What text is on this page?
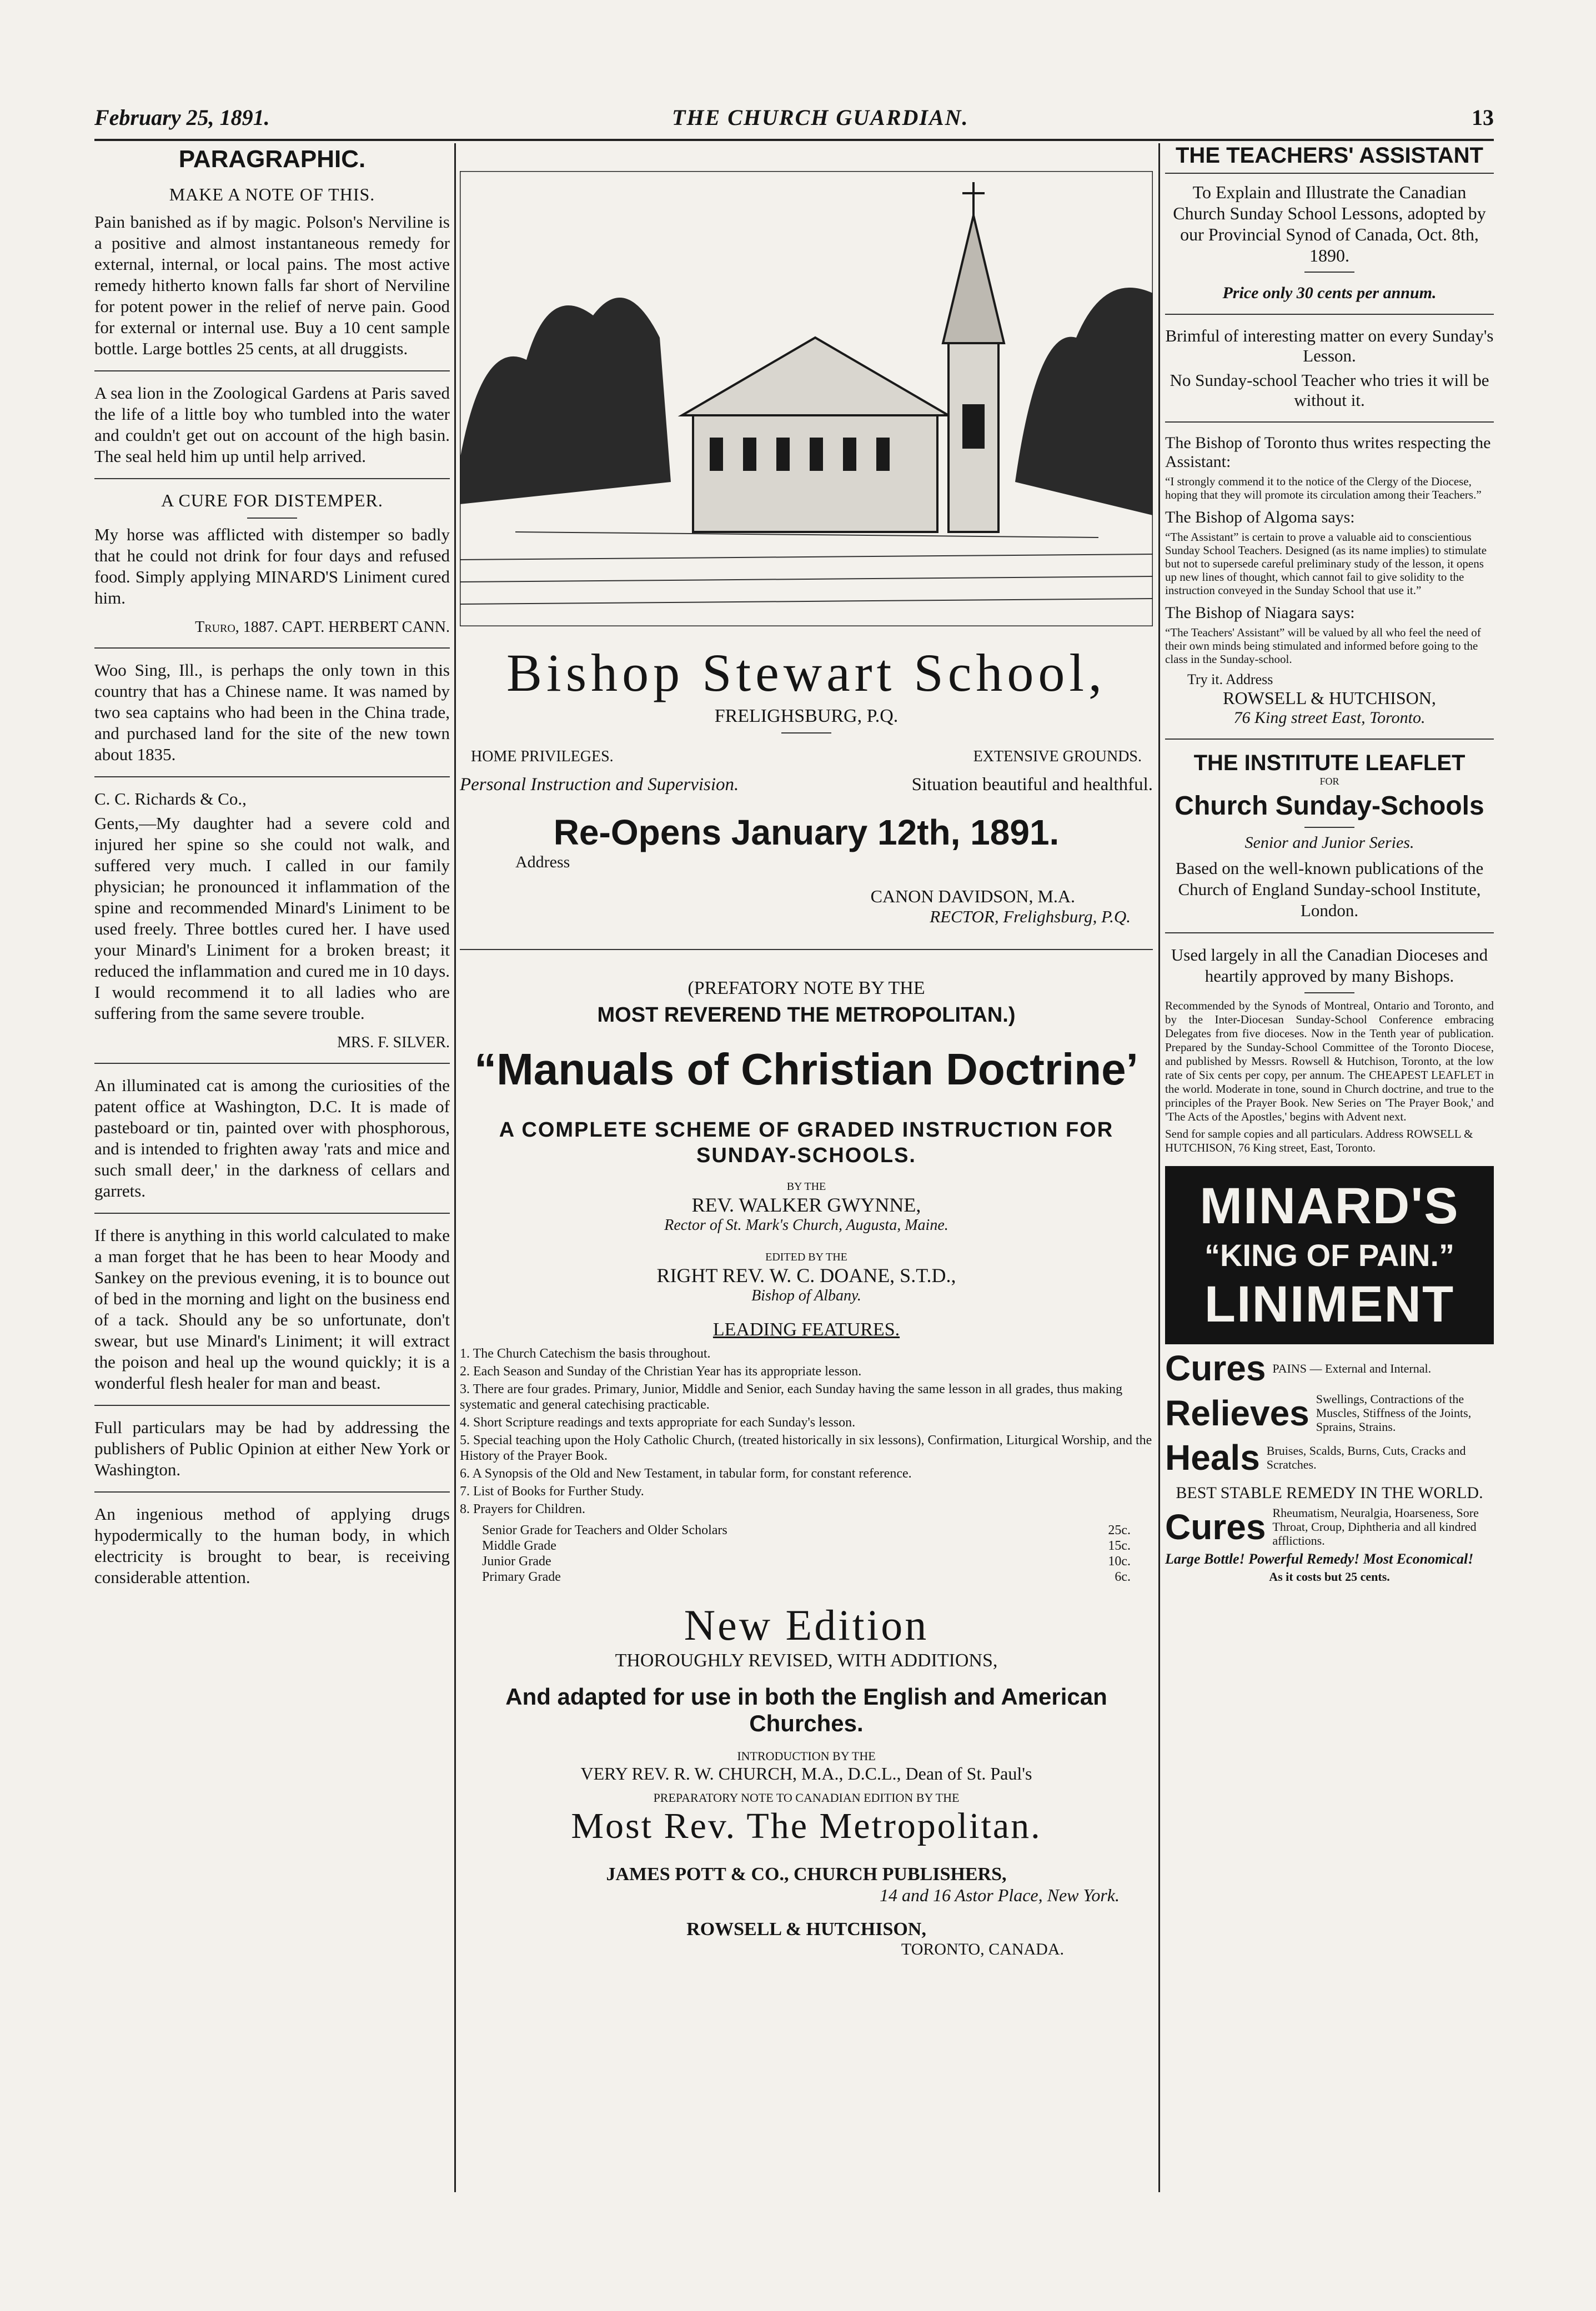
February 25, 1891.	THE CHURCH GUARDIAN.	13
PARAGRAPHIC.
MAKE A NOTE OF THIS.

Pain banished as if by magic. Polson's Nerviline is a positive and almost instantaneous remedy for external, internal, or local pains. The most active remedy hitherto known falls far short of Nerviline for potent power in the relief of nerve pain. Good for external or internal use. Buy a 10 cent sample bottle. Large bottles 25 cents, at all druggists.

A sea lion in the Zoological Gardens at Paris saved the life of a little boy who tumbled into the water and couldn't get out on account of the high basin. The seal held him up until help arrived.

A CURE FOR DISTEMPER.

My horse was afflicted with distemper so badly that he could not drink for four days and refused food. Simply applying MINARD'S Liniment cured him.

Truro, 1887. CAPT. HERBERT CANN.

Woo Sing, Ill., is perhaps the only town in this country that has a Chinese name. It was named by two sea captains who had been in the China trade, and purchased land for the site of the new town about 1835.

C. C. Richards & Co.,

Gents,—My daughter had a severe cold and injured her spine so she could not walk, and suffered very much. I called in our family physician; he pronounced it inflammation of the spine and recommended Minard's Liniment to be used freely. Three bottles cured her. I have used your Minard's Liniment for a broken breast; it reduced the inflammation and cured me in 10 days. I would recommend it to all ladies who are suffering from the same severe trouble.

MRS. F. SILVER.

An illuminated cat is among the curiosities of the patent office at Washington, D.C. It is made of pasteboard or tin, painted over with phosphorous, and is intended to frighten away 'rats and mice and such small deer,' in the darkness of cellars and garrets.

If there is anything in this world calculated to make a man forget that he has been to hear Moody and Sankey on the previous evening, it is to bounce out of bed in the morning and light on the business end of a tack. Should any be so unfortunate, don't swear, but use Minard's Liniment; it will extract the poison and heal up the wound quickly; it is a wonderful flesh healer for man and beast.

Full particulars may be had by addressing the publishers of Public Opinion at either New York or Washington.

An ingenious method of applying drugs hypodermically to the human body, in which electricity is brought to bear, is receiving considerable attention.

Bishop Stewart School,
FRELIGHSBURG, P.Q.
HOME PRIVILEGES.	EXTENSIVE GROUNDS.
Personal Instruction and Supervision.	Situation beautiful and healthful.
Re-Opens January 12th, 1891.
Address
CANON DAVIDSON, M.A.
RECTOR, Frelighsburg, P.Q.
(PREFATORY NOTE BY THE
MOST REVEREND THE METROPOLITAN.)
“Manuals of Christian Doctrine’
A COMPLETE SCHEME OF GRADED INSTRUCTION FOR SUNDAY-SCHOOLS.
BY THE
REV. WALKER GWYNNE,
Rector of St. Mark's Church, Augusta, Maine.
EDITED BY THE
RIGHT REV. W. C. DOANE, S.T.D.,
Bishop of Albany.
LEADING FEATURES.
1. The Church Catechism the basis throughout.
2. Each Season and Sunday of the Christian Year has its appropriate lesson.
3. There are four grades. Primary, Junior, Middle and Senior, each Sunday having the same lesson in all grades, thus making systematic and general catechising practicable.
4. Short Scripture readings and texts appropriate for each Sunday's lesson.
5. Special teaching upon the Holy Catholic Church, (treated historically in six lessons), Confirmation, Liturgical Worship, and the History of the Prayer Book.
6. A Synopsis of the Old and New Testament, in tabular form, for constant reference.
7. List of Books for Further Study.
8. Prayers for Children.
Senior Grade for Teachers and Older Scholars	25c.
Middle Grade	15c.
Junior Grade	10c.
Primary Grade	6c.
New Edition
THOROUGHLY REVISED, WITH ADDITIONS,
And adapted for use in both the English and American Churches.
INTRODUCTION BY THE
VERY REV. R. W. CHURCH, M.A., D.C.L., Dean of St. Paul's
PREPARATORY NOTE TO CANADIAN EDITION BY THE
Most Rev. The Metropolitan.
JAMES POTT & CO., CHURCH PUBLISHERS,
14 and 16 Astor Place, New York.
ROWSELL & HUTCHISON,
TORONTO, CANADA.
THE TEACHERS' ASSISTANT
To Explain and Illustrate the Canadian Church Sunday School Lessons, adopted by our Provincial Synod of Canada, Oct. 8th, 1890.
Price only 30 cents per annum.
Brimful of interesting matter on every Sunday's Lesson.
No Sunday-school Teacher who tries it will be without it.
The Bishop of Toronto thus writes respecting the Assistant:
“I strongly commend it to the notice of the Clergy of the Diocese, hoping that they will promote its circulation among their Teachers.”
The Bishop of Algoma says:
“The Assistant” is certain to prove a valuable aid to conscientious Sunday School Teachers. Designed (as its name implies) to stimulate but not to supersede careful preliminary study of the lesson, it opens up new lines of thought, which cannot fail to give solidity to the instruction conveyed in the Sunday School that use it.”
The Bishop of Niagara says:
“The Teachers' Assistant” will be valued by all who feel the need of their own minds being stimulated and informed before going to the class in the Sunday-school.
Try it. Address
ROWSELL & HUTCHISON,
76 King street East, Toronto.
THE INSTITUTE LEAFLET
FOR
Church Sunday-Schools
Senior and Junior Series.
Based on the well-known publications of the Church of England Sunday-school Institute, London.
Used largely in all the Canadian Dioceses and heartily approved by many Bishops.
Recommended by the Synods of Montreal, Ontario and Toronto, and by the Inter-Diocesan Sunday-School Conference embracing Delegates from five dioceses. Now in the Tenth year of publication. Prepared by the Sunday-School Committee of the Toronto Diocese, and published by Messrs. Rowsell & Hutchison, Toronto, at the low rate of Six cents per copy, per annum. The CHEAPEST LEAFLET in the world. Moderate in tone, sound in Church doctrine, and true to the principles of the Prayer Book. New Series on 'The Prayer Book,' and 'The Acts of the Apostles,' begins with Advent next.
Send for sample copies and all particulars. Address ROWSELL & HUTCHISON, 76 King street, East, Toronto.
MINARD'S
“KING OF PAIN.”
LINIMENT
Cures PAINS — External and Internal.
Relieves Swellings, Contractions of the Muscles, Stiffness of the Joints, Sprains, Strains.
Heals Bruises, Scalds, Burns, Cuts, Cracks and Scratches.
BEST STABLE REMEDY IN THE WORLD.
Cures Rheumatism, Neuralgia, Hoarseness, Sore Throat, Croup, Diphtheria and all kindred afflictions.
Large Bottle! Powerful Remedy! Most Economical!
As it costs but 25 cents.
